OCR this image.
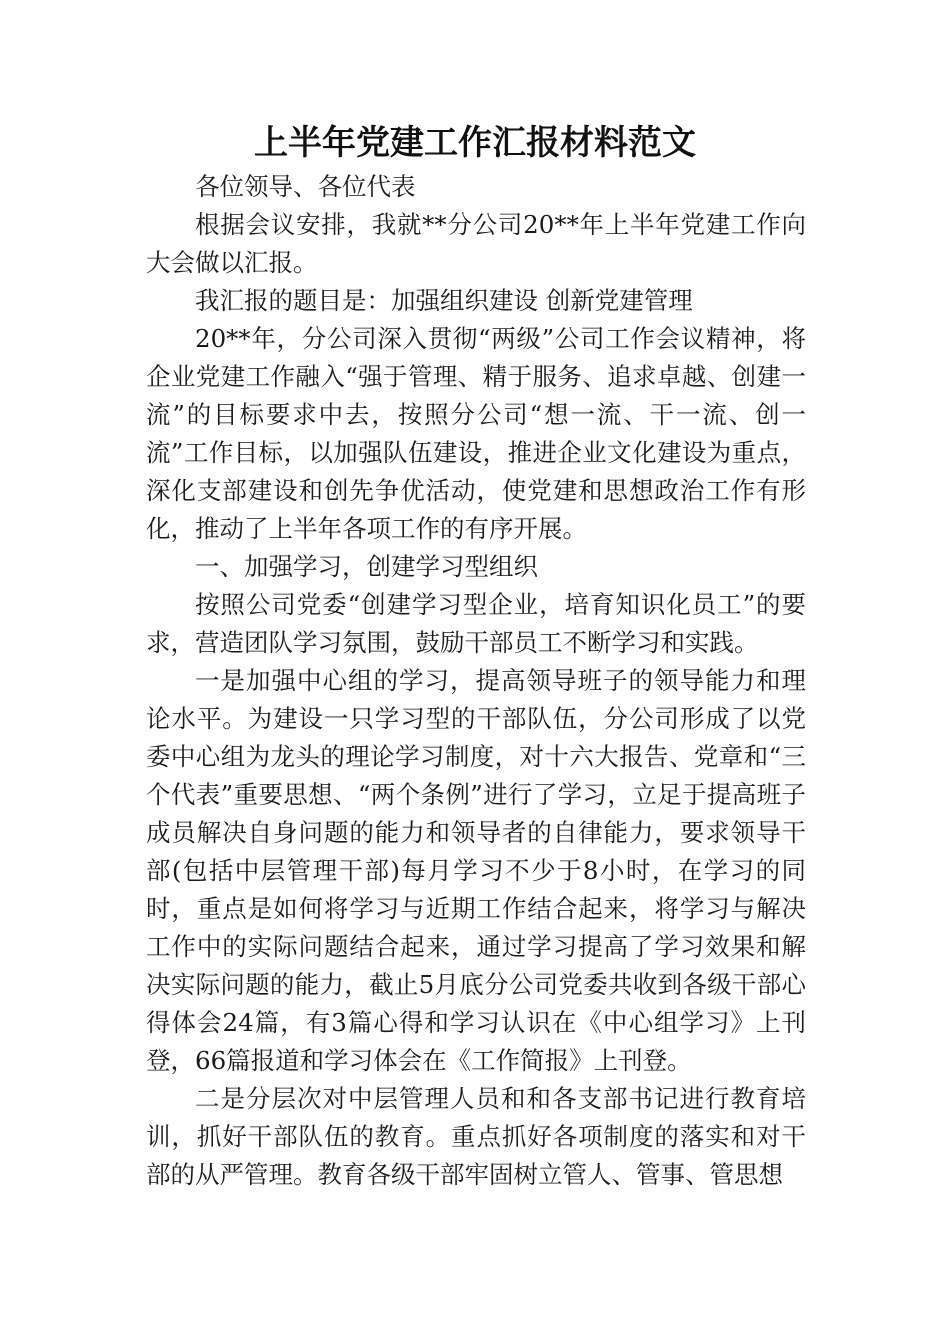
上半年党建工作汇报材料范文

各位领导、各位代表

根据会议安排，我就**分公司20**年上半年党建工作向大会做以汇报。

我汇报的题目是：加强组织建设 创新党建管理

20**年，分公司深入贯彻“两级”公司工作会议精神，将企业党建工作融入“强于管理、精于服务、追求卓越、创建一流”的目标要求中去，按照分公司“想一流、干一流、创一流”工作目标，以加强队伍建设，推进企业文化建设为重点，深化支部建设和创先争优活动，使党建和思想政治工作有形化，推动了上半年各项工作的有序开展。

一、加强学习，创建学习型组织

按照公司党委“创建学习型企业，培育知识化员工”的要求，营造团队学习氛围，鼓励干部员工不断学习和实践。

一是加强中心组的学习，提高领导班子的领导能力和理论水平。为建设一只学习型的干部队伍，分公司形成了以党委中心组为龙头的理论学习制度，对十六大报告、党章和“三个代表”重要思想、“两个条例”进行了学习，立足于提高班子成员解决自身问题的能力和领导者的自律能力，要求领导干部(包括中层管理干部)每月学习不少于8小时，在学习的同时，重点是如何将学习与近期工作结合起来，将学习与解决工作中的实际问题结合起来，通过学习提高了学习效果和解决实际问题的能力，截止5月底分公司党委共收到各级干部心得体会24篇，有3篇心得和学习认识在《中心组学习》上刊登，66篇报道和学习体会在《工作简报》上刊登。

二是分层次对中层管理人员和和各支部书记进行教育培训，抓好干部队伍的教育。重点抓好各项制度的落实和对干部的从严管理。教育各级干部牢固树立管人、管事、管思想
